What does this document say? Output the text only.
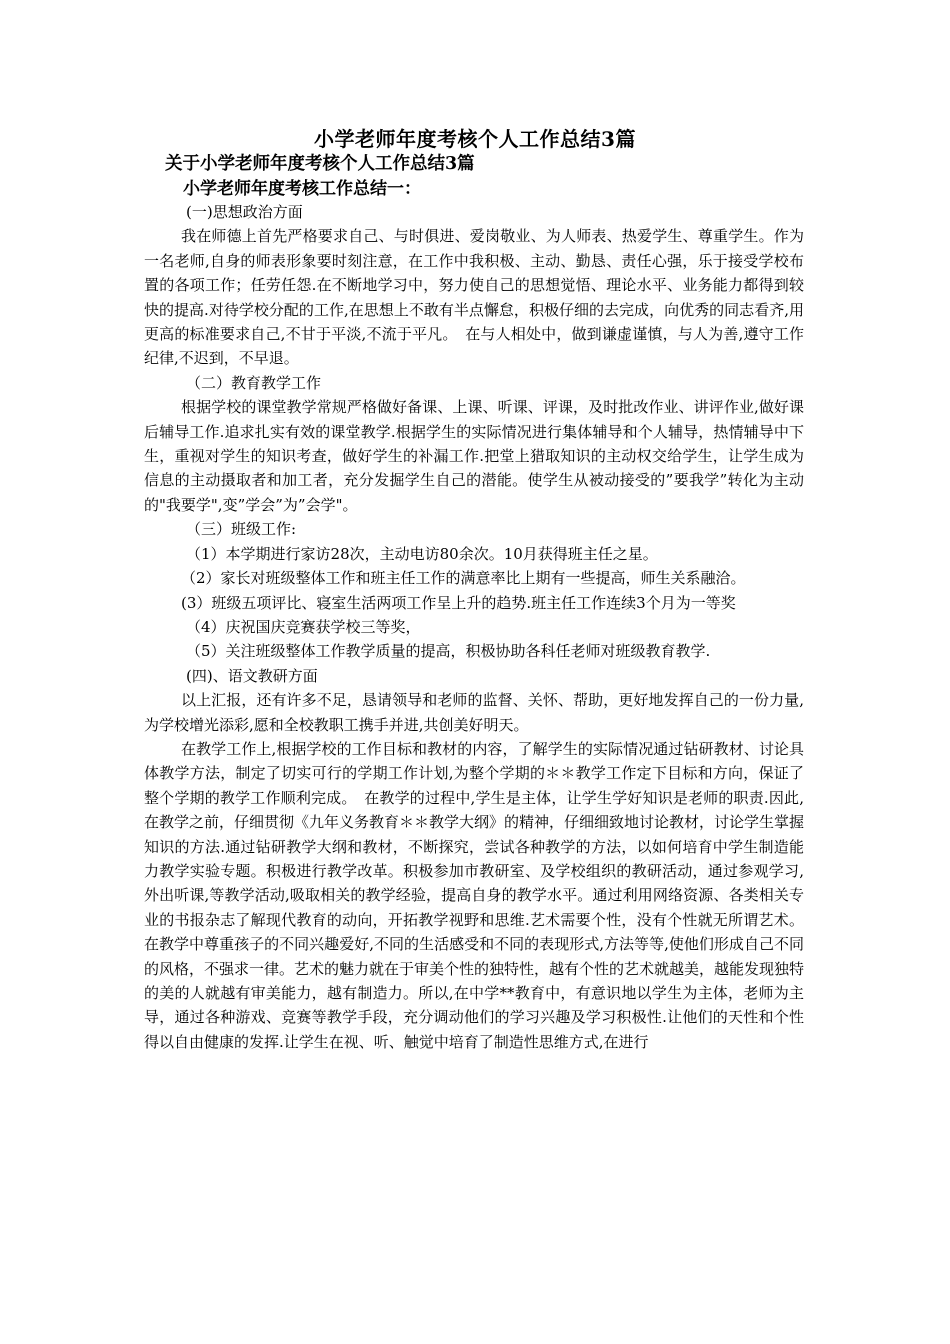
小学老师年度考核个人工作总结3篇
关于小学老师年度考核个人工作总结3篇
小学老师年度考核工作总结一：

(一)思想政治方面

我在师德上首先严格要求自己、与时俱进、爱岗敬业、为人师表、热爱学生、尊重学生。作为一名老师,自身的师表形象要时刻注意，在工作中我积极、主动、勤恳、责任心强，乐于接受学校布置的各项工作；任劳任怨.在不断地学习中，努力使自己的思想觉悟、理论水平、业务能力都得到较快的提高.对待学校分配的工作,在思想上不敢有半点懈怠，积极仔细的去完成，向优秀的同志看齐,用更高的标准要求自己,不甘于平淡,不流于平凡。　在与人相处中，做到谦虚谨慎，与人为善,遵守工作纪律,不迟到，不早退。

（二）教育教学工作

根据学校的课堂教学常规严格做好备课、上课、听课、评课，及时批改作业、讲评作业,做好课后辅导工作.追求扎实有效的课堂教学.根据学生的实际情况进行集体辅导和个人辅导，热情辅导中下生，重视对学生的知识考查，做好学生的补漏工作.把堂上猎取知识的主动权交给学生，让学生成为信息的主动摄取者和加工者，充分发掘学生自己的潜能。使学生从被动接受的”要我学”转化为主动的"我要学",变”学会”为”会学"。

（三）班级工作:

（1）本学期进行家访28次，主动电访80余次。10月获得班主任之星。

（2）家长对班级整体工作和班主任工作的满意率比上期有一些提高，师生关系融洽。

(3）班级五项评比、寝室生活两项工作呈上升的趋势.班主任工作连续3个月为一等奖

（4）庆祝国庆竞赛获学校三等奖，

（5）关注班级整体工作教学质量的提高，积极协助各科任老师对班级教育教学.

(四)、语文教研方面

以上汇报，还有许多不足，恳请领导和老师的监督、关怀、帮助，更好地发挥自己的一份力量,为学校增光添彩,愿和全校教职工携手并进,共创美好明天。

在教学工作上,根据学校的工作目标和教材的内容，了解学生的实际情况通过钻研教材、讨论具体教学方法，制定了切实可行的学期工作计划,为整个学期的＊＊教学工作定下目标和方向，保证了整个学期的教学工作顺利完成。　在教学的过程中,学生是主体，让学生学好知识是老师的职责.因此,在教学之前，仔细贯彻《九年义务教育＊＊教学大纲》的精神，仔细细致地讨论教材，讨论学生掌握知识的方法.通过钻研教学大纲和教材，不断探究，尝试各种教学的方法，以如何培育中学生制造能力教学实验专题。积极进行教学改革。积极参加市教研室、及学校组织的教研活动，通过参观学习,外出听课,等教学活动,吸取相关的教学经验，提高自身的教学水平。通过利用网络资源、各类相关专业的书报杂志了解现代教育的动向，开拓教学视野和思维.艺术需要个性，没有个性就无所谓艺术。在教学中尊重孩子的不同兴趣爱好,不同的生活感受和不同的表现形式,方法等等,使他们形成自己不同的风格，不强求一律。艺术的魅力就在于审美个性的独特性，越有个性的艺术就越美，越能发现独特的美的人就越有审美能力，越有制造力。所以,在中学**教育中，有意识地以学生为主体，老师为主导，通过各种游戏、竞赛等教学手段，充分调动他们的学习兴趣及学习积极性.让他们的天性和个性得以自由健康的发挥.让学生在视、听、触觉中培育了制造性思维方式,在进行
